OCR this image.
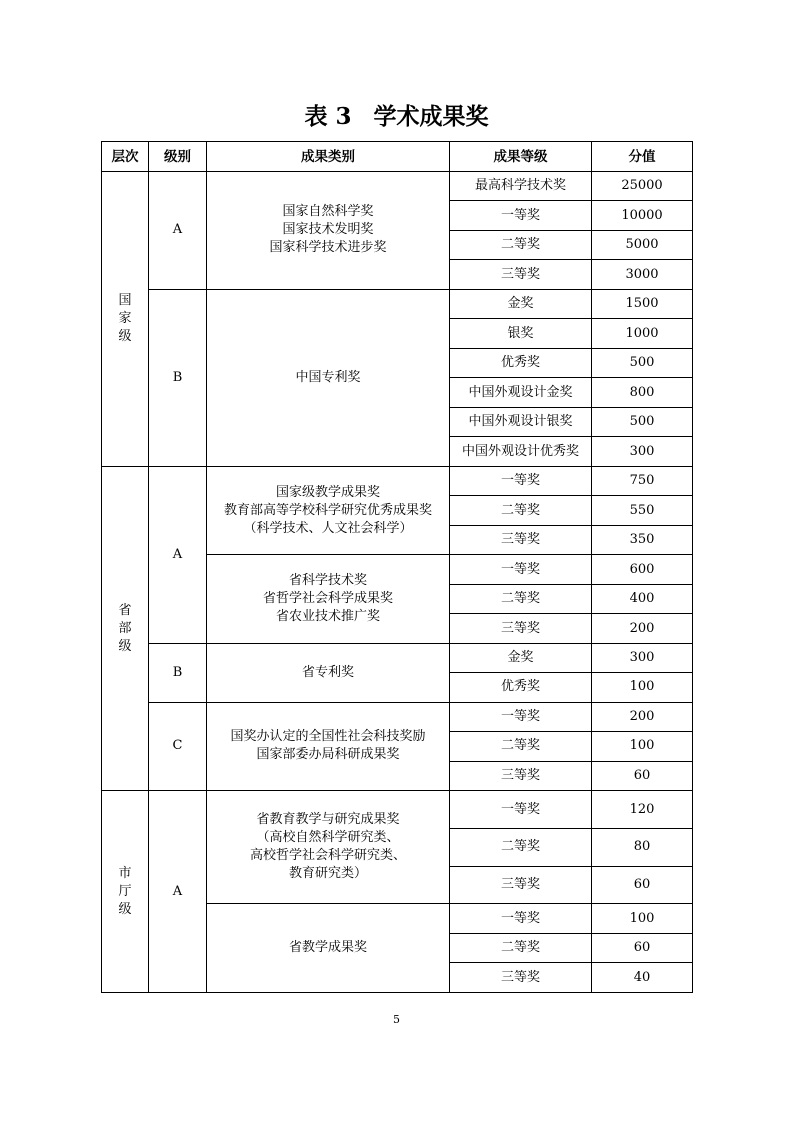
表 3 学术成果奖
层次	级别	成果类别	成果等级	分值

国
家
级	A	国家自然科学奖
国家技术发明奖
国家科学技术进步奖	最高科学技术奖	25000
			一等奖	10000
			二等奖	5000
			三等奖	3000
	B	中国专利奖	金奖	1500
			银奖	1000
			优秀奖	500
			中国外观设计金奖	800
			中国外观设计银奖	500
			中国外观设计优秀奖	300

省
部
级	A	国家级教学成果奖
教育部高等学校科学研究优秀成果奖
（科学技术、人文社会科学）	一等奖	750
			二等奖	550
			三等奖	350

		省科学技术奖
省哲学社会科学成果奖
省农业技术推广奖	一等奖	600
			二等奖	400
			三等奖	200
	B	省专利奖	金奖	300
			优秀奖	100
	C	国奖办认定的全国性社会科技奖励
国家部委办局科研成果奖	一等奖	200
			二等奖	100
			三等奖	60

市
厅
级	A	省教育教学与研究成果奖
（高校自然科学研究类、
高校哲学社会科学研究类、
教育研究类）	一等奖	120
			二等奖	80
			三等奖	60

		省教学成果奖	一等奖	100
			二等奖	60
			三等奖	40
5
